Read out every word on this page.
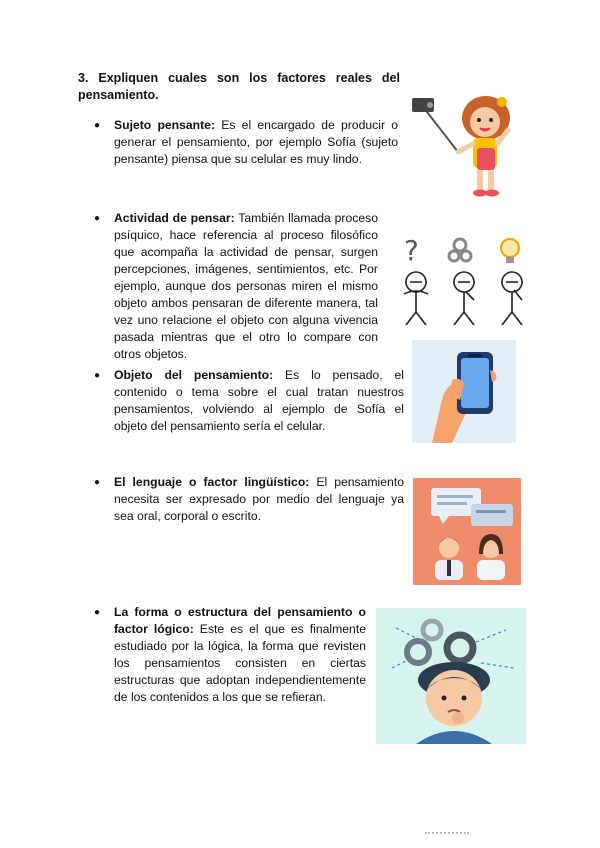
3. Expliquen cuales son los factores reales del pensamiento.
●	Sujeto pensante: Es el encargado de producir o generar el pensamiento, por ejemplo Sofía (sujeto pensante) piensa que su celular es muy lindo.
●	Actividad de pensar: También llamada proceso psíquico, hace referencia al proceso filosófico que acompaña la actividad de pensar, surgen percepciones, imágenes, sentimientos, etc. Por ejemplo, aunque dos personas miren el mismo objeto ambos pensaran de diferente manera, tal vez uno relacione el objeto con alguna vivencia pasada mientras que el otro lo compare con otros objetos.
●	Objeto del pensamiento: Es lo pensado, el contenido o tema sobre el cual tratan nuestros pensamientos, volviendo al ejemplo de Sofía el objeto del pensamiento sería el celular.
●	El lenguaje o factor lingüístico: El pensamiento necesita ser expresado por medio del lenguaje ya sea oral, corporal o escrito.
●	La forma o estructura del pensamiento o factor lógico: Este es el que es finalmente estudiado por la lógica, la forma que revisten los pensamientos consisten en ciertas estructuras que adoptan independientemente de los contenidos a los que se refieran.
?
